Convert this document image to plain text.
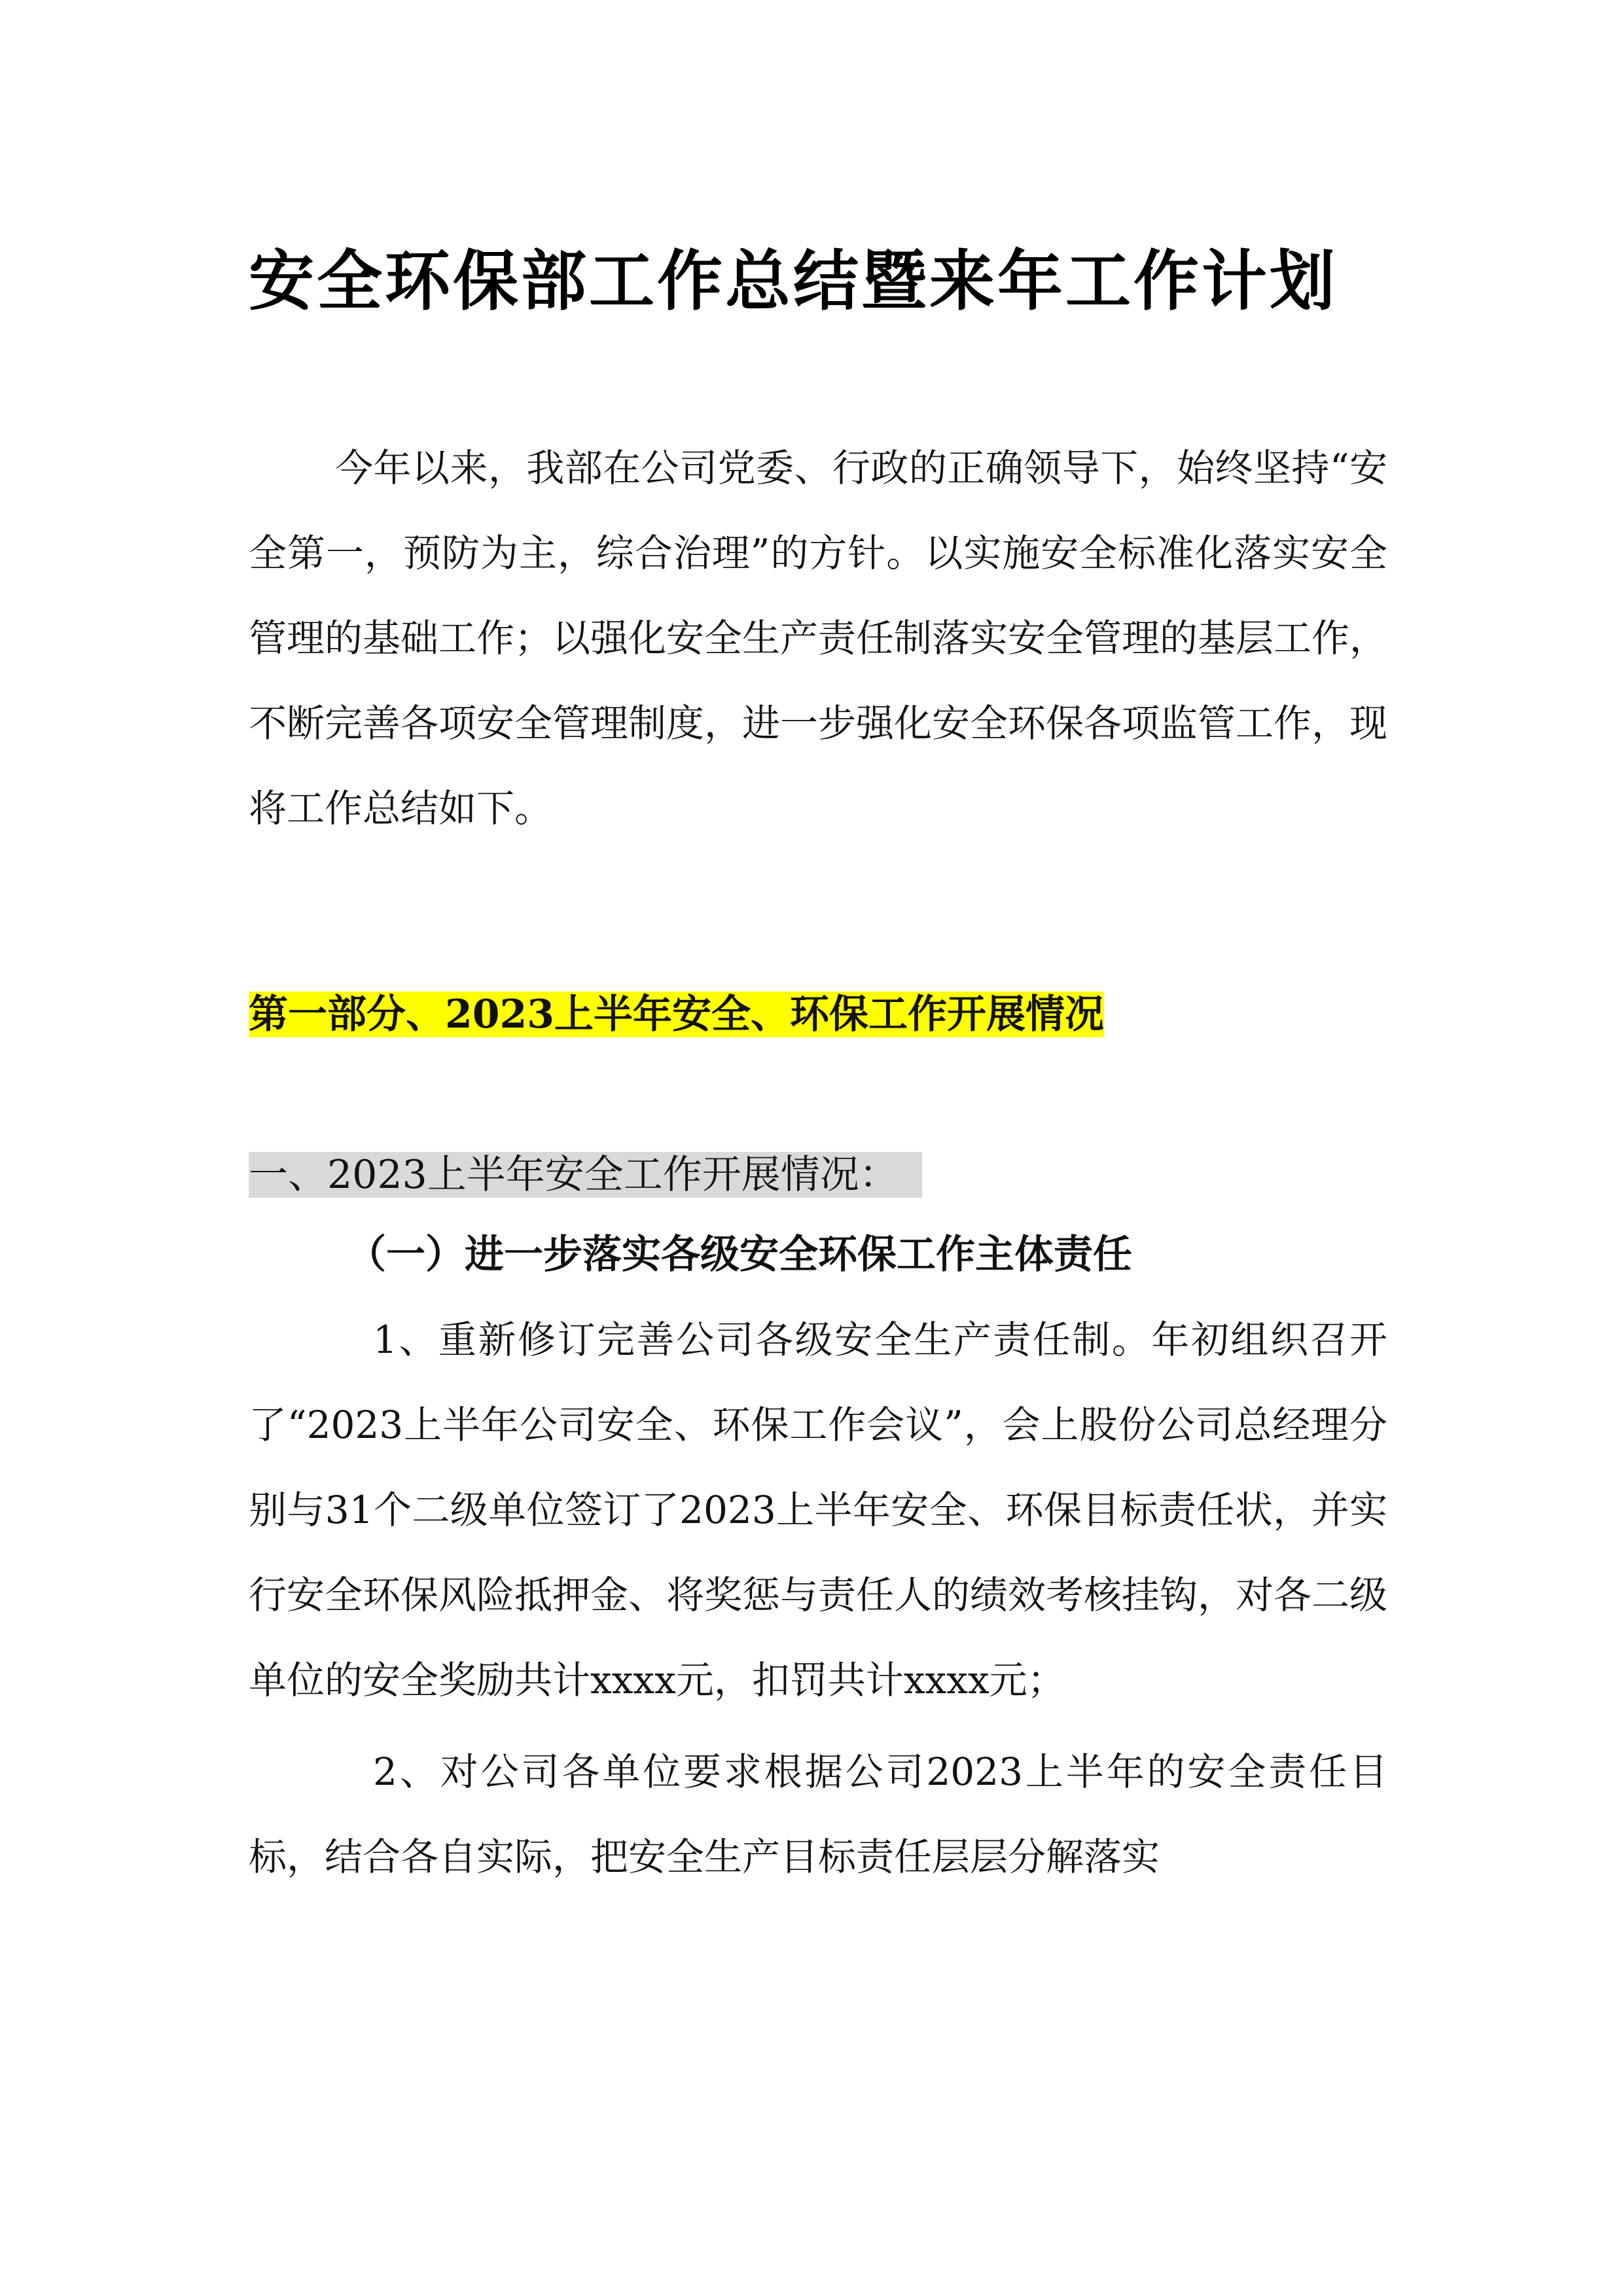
安全环保部工作总结暨来年工作计划

今年以来，我部在公司党委、行政的正确领导下，始终坚持“安全第一，预防为主，综合治理”的方针。以实施安全标准化落实安全管理的基础工作；以强化安全生产责任制落实安全管理的基层工作，不断完善各项安全管理制度，进一步强化安全环保各项监管工作，现将工作总结如下。

第一部分、2023上半年安全、环保工作开展情况

一、2023上半年安全工作开展情况：

（一）进一步落实各级安全环保工作主体责任

1、重新修订完善公司各级安全生产责任制。年初组织召开了“2023上半年公司安全、环保工作会议”，会上股份公司总经理分别与31个二级单位签订了2023上半年安全、环保目标责任状，并实行安全环保风险抵押金、将奖惩与责任人的绩效考核挂钩，对各二级单位的安全奖励共计xxxx元，扣罚共计xxxx元；

2、对公司各单位要求根据公司2023上半年的安全责任目标，结合各自实际，把安全生产目标责任层层分解落实
